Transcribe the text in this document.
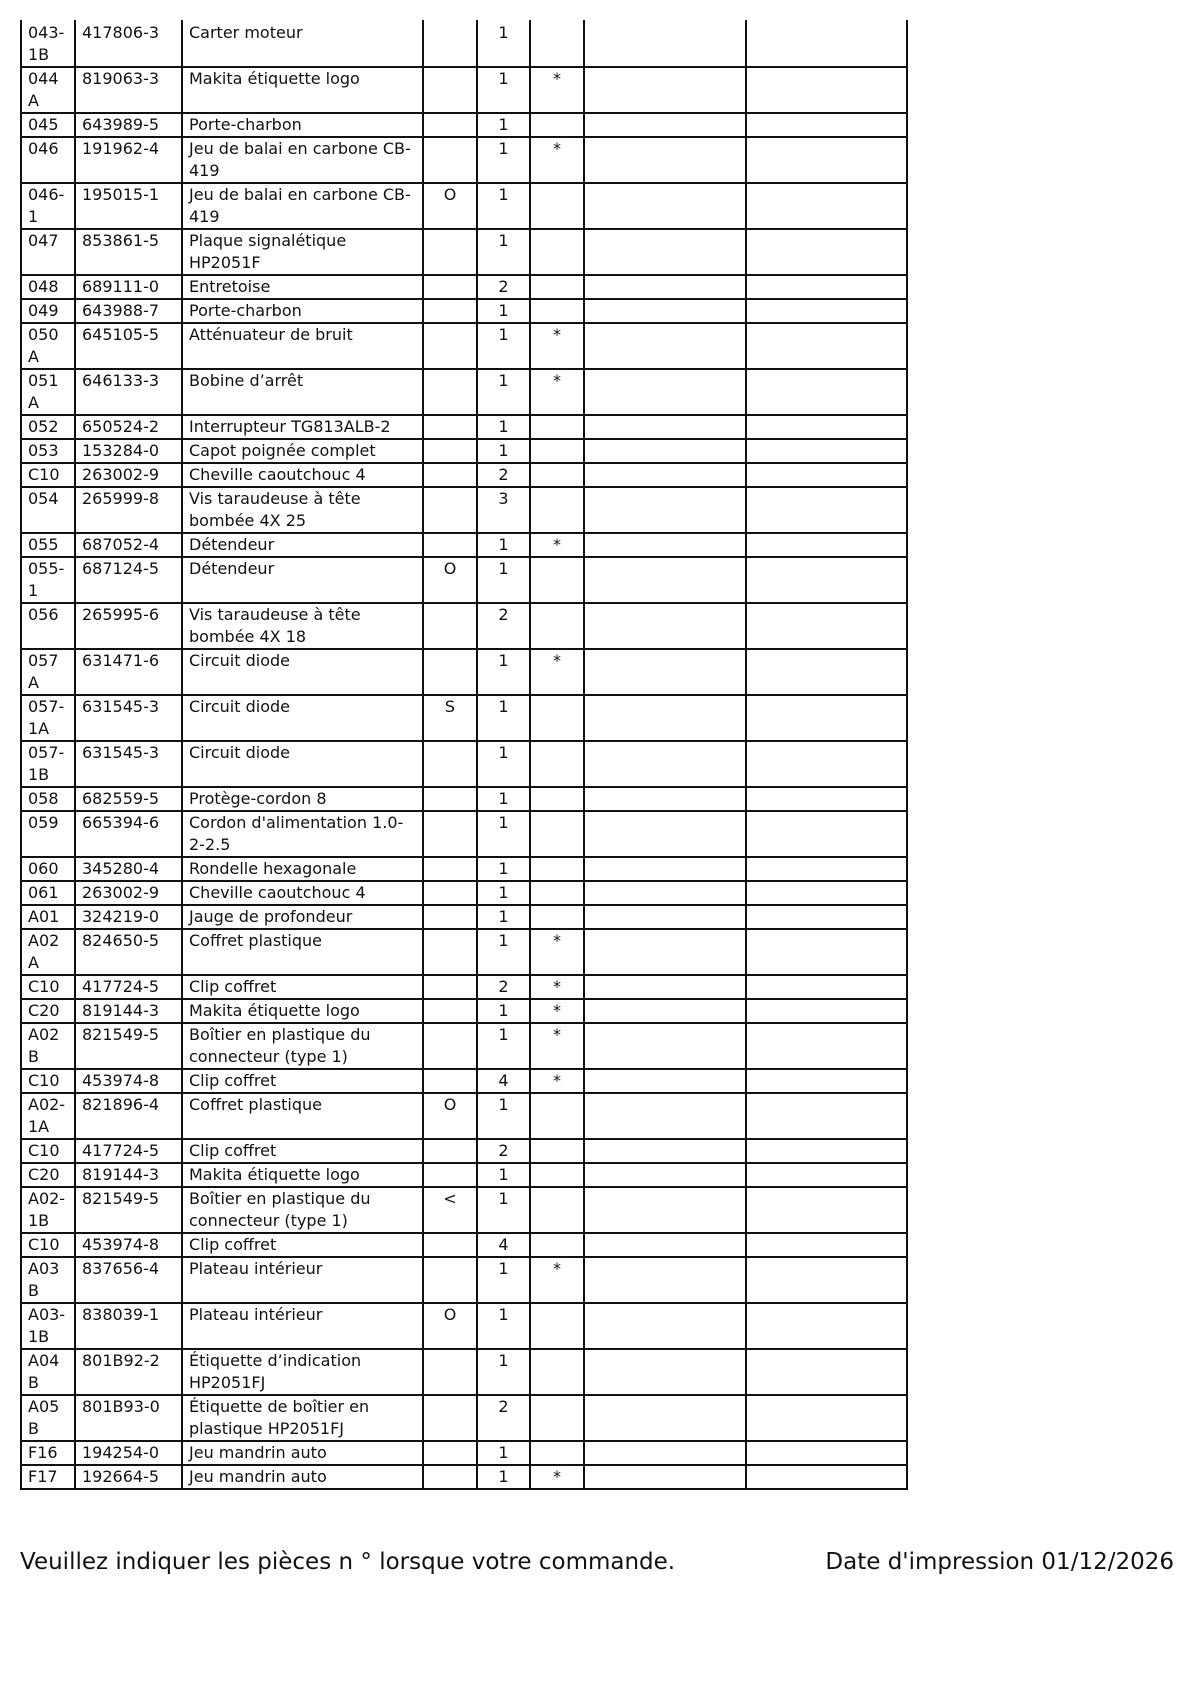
043-1B	417806-3	Carter moteur		1			
044A	819063-3	Makita étiquette logo		1	*		
045	643989-5	Porte-charbon		1			
046	191962-4	Jeu de balai en carbone CB-419		1	*		
046-1	195015-1	Jeu de balai en carbone CB-419	O	1			
047	853861-5	Plaque signalétique HP2051F		1			
048	689111-0	Entretoise		2			
049	643988-7	Porte-charbon		1			
050A	645105-5	Atténuateur de bruit		1	*		
051A	646133-3	Bobine d’arrêt		1	*		
052	650524-2	Interrupteur TG813ALB-2		1			
053	153284-0	Capot poignée complet		1			
C10	263002-9	Cheville caoutchouc 4		2			
054	265999-8	Vis taraudeuse à tête bombée 4X 25		3			
055	687052-4	Détendeur		1	*		
055-1	687124-5	Détendeur	O	1			
056	265995-6	Vis taraudeuse à tête bombée 4X 18		2			
057A	631471-6	Circuit diode		1	*		
057-1A	631545-3	Circuit diode	S	1			
057-1B	631545-3	Circuit diode		1			
058	682559-5	Protège-cordon 8		1			
059	665394-6	Cordon d'alimentation 1.0-2-2.5		1			
060	345280-4	Rondelle hexagonale		1			
061	263002-9	Cheville caoutchouc 4		1			
A01	324219-0	Jauge de profondeur		1			
A02A	824650-5	Coffret plastique		1	*		
C10	417724-5	Clip coffret		2	*		
C20	819144-3	Makita étiquette logo		1	*		
A02B	821549-5	Boîtier en plastique du connecteur (type 1)		1	*		
C10	453974-8	Clip coffret		4	*		
A02-1A	821896-4	Coffret plastique	O	1			
C10	417724-5	Clip coffret		2			
C20	819144-3	Makita étiquette logo		1			
A02-1B	821549-5	Boîtier en plastique du connecteur (type 1)	<	1			
C10	453974-8	Clip coffret		4			
A03B	837656-4	Plateau intérieur		1	*		
A03-1B	838039-1	Plateau intérieur	O	1			
A04B	801B92-2	Étiquette d’indication HP2051FJ		1			
A05B	801B93-0	Étiquette de boîtier en plastique HP2051FJ		2			
F16	194254-0	Jeu mandrin auto		1			
F17	192664-5	Jeu mandrin auto		1	*		
Veuillez indiquer les pièces n ° lorsque votre commande.	Date d'impression 01/12/2026
